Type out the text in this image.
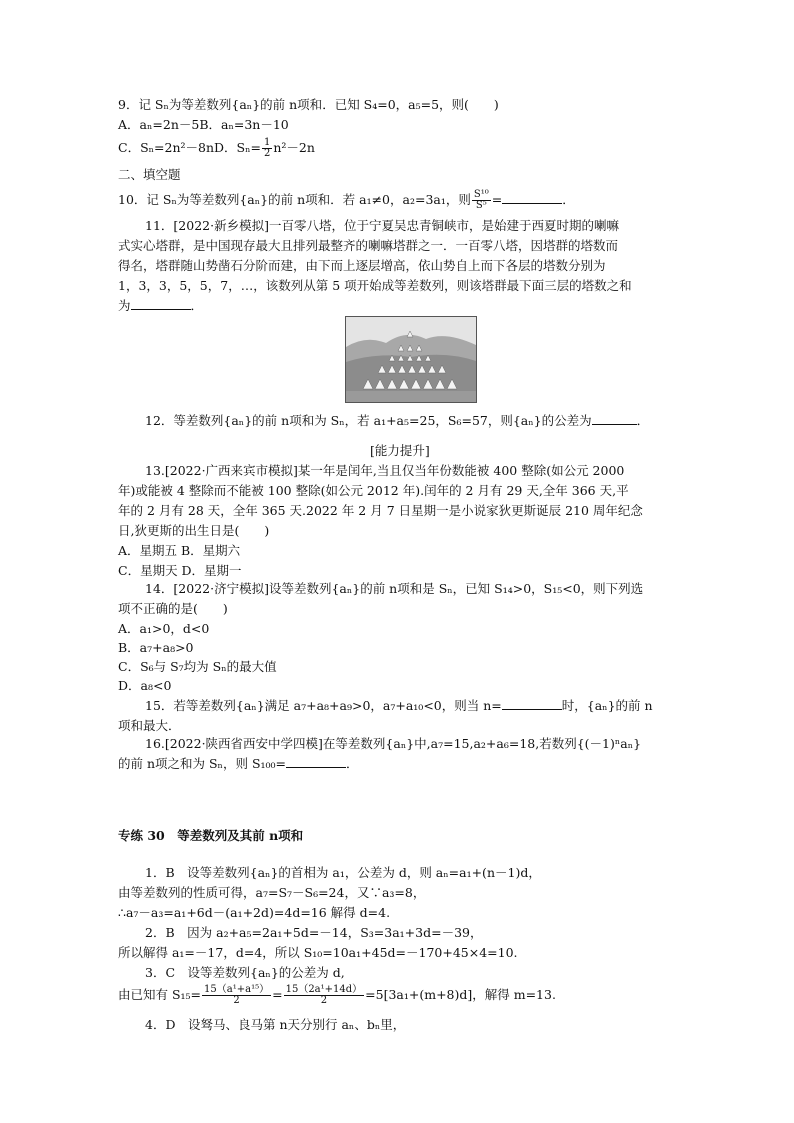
9．记 Sₙ为等差数列{aₙ}的前 n项和．已知 S₄=0，a₅=5，则(　　)
A．aₙ=2n－5B．aₙ=3n－10
C．Sₙ=2n²－8nD．$S_n= \frac{1}{2} n^2-2n$
二、填空题
10．记 Sₙ为等差数列{aₙ}的前 n项和．若 a₁≠0，a₂=3a₁，则 $\frac{\text{S¹⁰}}{\text{S⁵}}$ =	．
11．[2022·新乡模拟]一百零八塔，位于宁夏吴忠青铜峡市，是始建于西夏时期的喇嘛
式实心塔群，是中国现存最大且排列最整齐的喇嘛塔群之一．一百零八塔，因塔群的塔数而
得名，塔群随山势凿石分阶而建，由下而上逐层增高，依山势自上而下各层的塔数分别为
1，3，3，5，5，7，…，该数列从第 5 项开始成等差数列，则该塔群最下面三层的塔数之和
为	．
12．等差数列{aₙ}的前 n项和为 Sₙ，若 a₁+a₅=25，S₆=57，则{aₙ}的公差为	．
[能力提升]
13.[2022·广西来宾市模拟]某一年是闰年,当且仅当年份数能被 400 整除(如公元 2000
年)或能被 4 整除而不能被 100 整除(如公元 2012 年).闰年的 2 月有 29 天,全年 366 天,平
年的 2 月有 28 天，全年 365 天.2022 年 2 月 7 日星期一是小说家狄更斯诞辰 210 周年纪念
日,狄更斯的出生日是(　　)
A．星期五 B．星期六
C．星期天 D．星期一
14．[2022·济宁模拟]设等差数列{aₙ}的前 n项和是 Sₙ，已知 S₁₄>0，S₁₅<0，则下列选
项不正确的是(　　)
A．a₁>0，d<0
B．a₇+a₈>0
C．S₆与 S₇均为 Sₙ的最大值
D．a₈<0
15．若等差数列{aₙ}满足 a₇+a₈+a₉>0，a₇+a₁₀<0，则当 n=	时，{aₙ}的前 n
项和最大．
16.[2022·陕西省西安中学四模]在等差数列{aₙ}中,a₇=15,a₂+a₆=18,若数列{(－1)ⁿaₙ}
的前 n项之和为 Sₙ，则 S₁₀₀=	．
专练 30　等差数列及其前 n项和
1．B　设等差数列{aₙ}的首相为 a₁，公差为 d，则 aₙ=a₁+(n－1)d，
由等差数列的性质可得，a₇=S₇－S₆=24，又∵a₃=8，
∴a₇－a₃=a₁+6d－(a₁+2d)=4d=16 解得 d=4.
2．B　因为 a₂+a₅=2a₁+5d=－14，S₃=3a₁+3d=－39，
所以解得 a₁=－17，d=4，所以 S₁₀=10a₁+45d=－170+45×4=10.
3．C　设等差数列{aₙ}的公差为 d,
由已知有 $S_{15}= \frac{\text{15（a¹+a¹⁵）}}{2} = \frac{\text{15（2a¹+14d）}}{2} =5[3a_1+(m+8)d]$，解得 m=13.
4．D　设驽马、良马第 n天分别行 aₙ、bₙ里，
